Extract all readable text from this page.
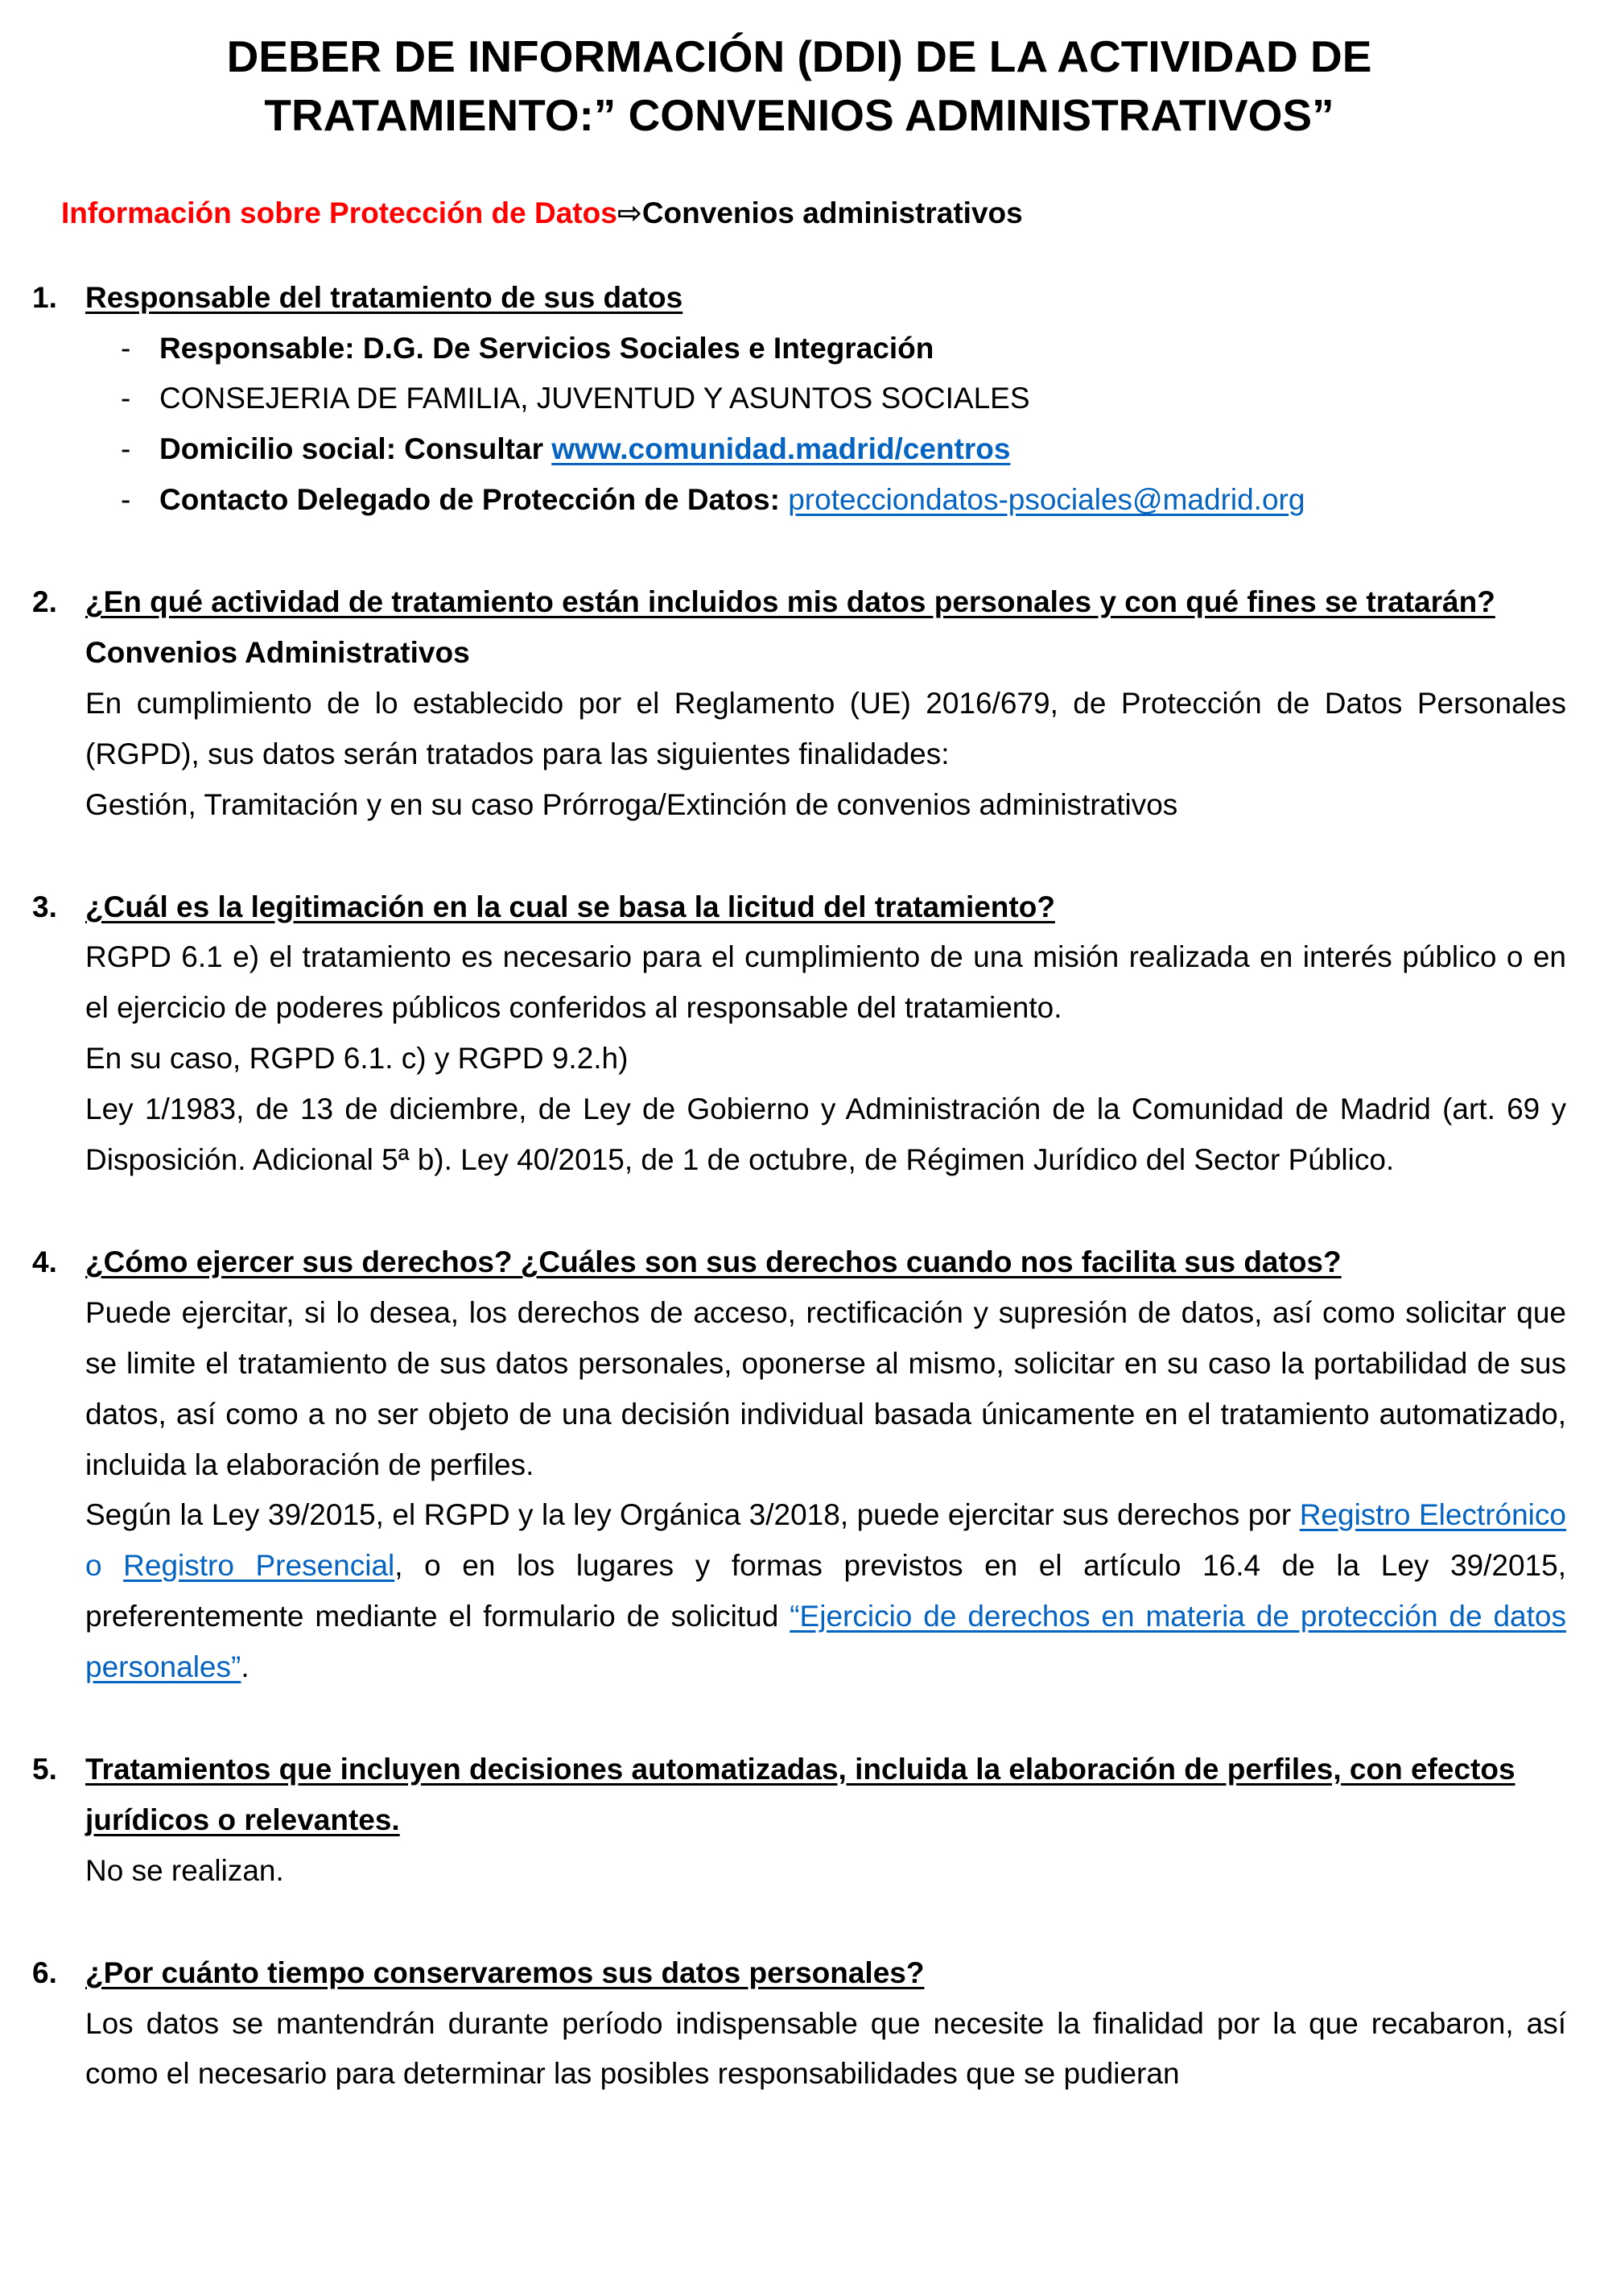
DEBER DE INFORMACIÓN (DDI) DE LA ACTIVIDAD DE
TRATAMIENTO:” CONVENIOS ADMINISTRATIVOS”

Información sobre Protección de Datos⇨Convenios administrativos

1. Responsable del tratamiento de sus datos
- Responsable: D.G. De Servicios Sociales e Integración
- CONSEJERIA DE FAMILIA, JUVENTUD Y ASUNTOS SOCIALES
- Domicilio social: Consultar www.comunidad.madrid/centros
- Contacto Delegado de Protección de Datos: protecciondatos-psociales@madrid.org
2. ¿En qué actividad de tratamiento están incluidos mis datos personales y con qué fines se tratarán?
Convenios Administrativos

En cumplimiento de lo establecido por el Reglamento (UE) 2016/679, de Protección de Datos Personales (RGPD), sus datos serán tratados para las siguientes finalidades:

Gestión, Tramitación y en su caso Prórroga/Extinción de convenios administrativos

3. ¿Cuál es la legitimación en la cual se basa la licitud del tratamiento?

RGPD 6.1 e) el tratamiento es necesario para el cumplimiento de una misión realizada en interés público o en el ejercicio de poderes públicos conferidos al responsable del tratamiento.

En su caso, RGPD 6.1. c) y RGPD 9.2.h)

Ley 1/1983, de 13 de diciembre, de Ley de Gobierno y Administración de la Comunidad de Madrid (art. 69 y Disposición. Adicional 5ª b). Ley 40/2015, de 1 de octubre, de Régimen Jurídico del Sector Público.

4. ¿Cómo ejercer sus derechos? ¿Cuáles son sus derechos cuando nos facilita sus datos?

Puede ejercitar, si lo desea, los derechos de acceso, rectificación y supresión de datos, así como solicitar que se limite el tratamiento de sus datos personales, oponerse al mismo, solicitar en su caso la portabilidad de sus datos, así como a no ser objeto de una decisión individual basada únicamente en el tratamiento automatizado, incluida la elaboración de perfiles.

Según la Ley 39/2015, el RGPD y la ley Orgánica 3/2018, puede ejercitar sus derechos por Registro Electrónico o Registro Presencial, o en los lugares y formas previstos en el artículo 16.4 de la Ley 39/2015, preferentemente mediante el formulario de solicitud “Ejercicio de derechos en materia de protección de datos personales”.

5. Tratamientos que incluyen decisiones automatizadas, incluida la elaboración de perfiles, con efectos jurídicos o relevantes.

No se realizan.

6. ¿Por cuánto tiempo conservaremos sus datos personales?

Los datos se mantendrán durante período indispensable que necesite la finalidad por la que recabaron, así como el necesario para determinar las posibles responsabilidades que se pudieran
